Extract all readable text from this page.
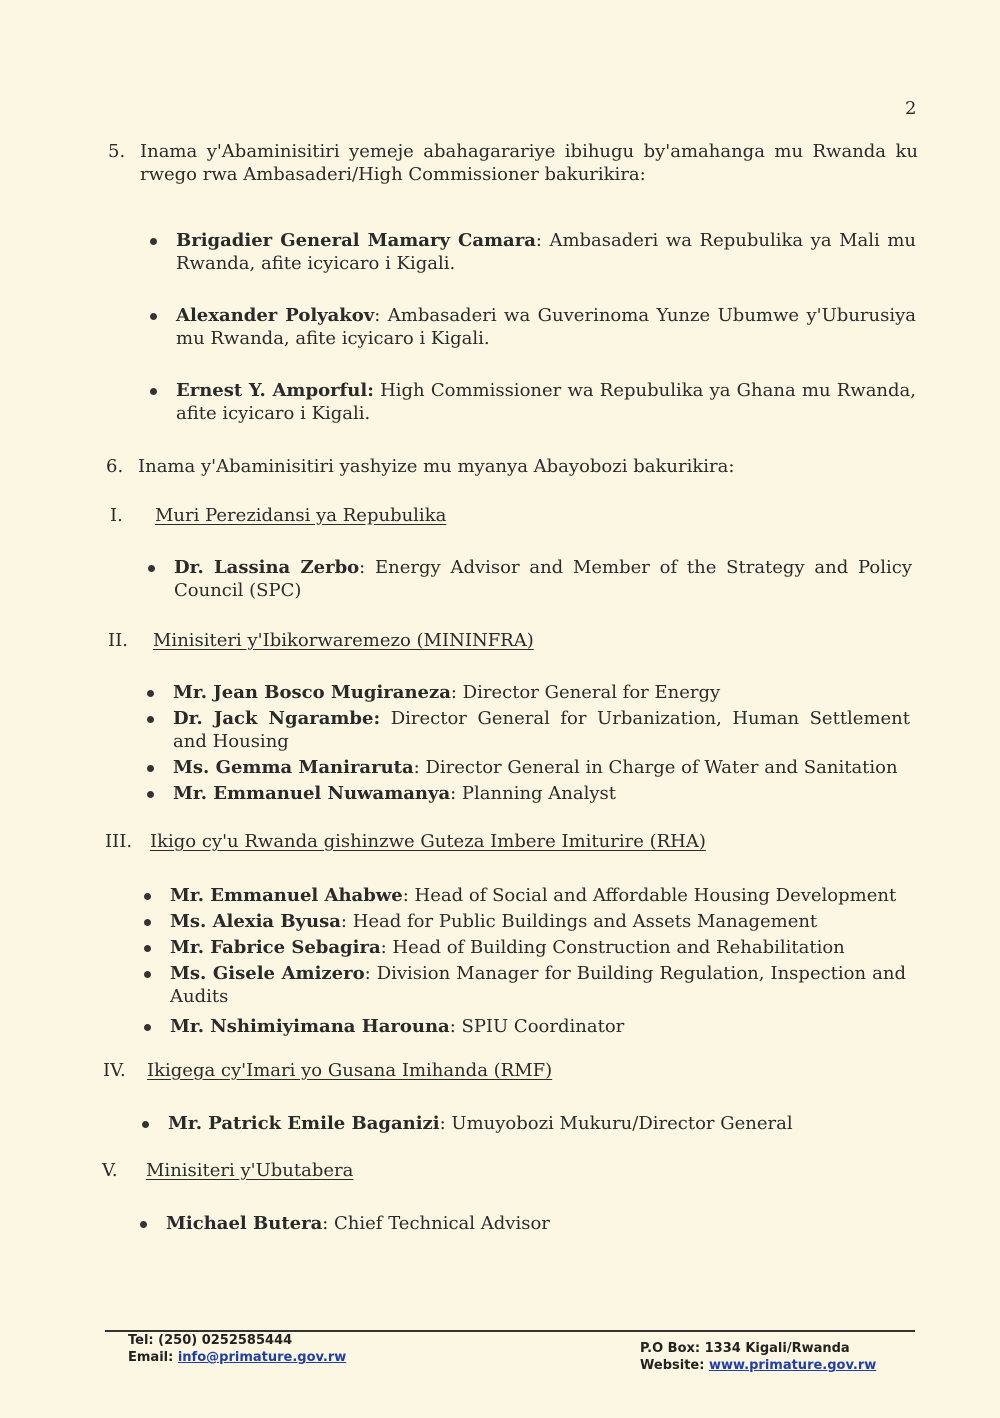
2
5. Inama y'Abaminisitiri yemeje abahagarariye ibihugu by'amahanga mu Rwanda ku rwego rwa Ambasaderi/High Commissioner bakurikira:
Brigadier General Mamary Camara: Ambasaderi wa Repubulika ya Mali mu Rwanda, afite icyicaro i Kigali.
Alexander Polyakov: Ambasaderi wa Guverinoma Yunze Ubumwe y'Uburusiya mu Rwanda, afite icyicaro i Kigali.
Ernest Y. Amporful: High Commissioner wa Repubulika ya Ghana mu Rwanda, afite icyicaro i Kigali.
6. Inama y'Abaminisitiri yashyize mu myanya Abayobozi bakurikira:
I. Muri Perezidansi ya Repubulika
Dr. Lassina Zerbo: Energy Advisor and Member of the Strategy and Policy Council (SPC)
II. Minisiteri y'Ibikorwaremezo (MININFRA)
Mr. Jean Bosco Mugiraneza: Director General for Energy
Dr. Jack Ngarambe: Director General for Urbanization, Human Settlement and Housing
Ms. Gemma Maniraruta: Director General in Charge of Water and Sanitation
Mr. Emmanuel Nuwamanya: Planning Analyst
III. Ikigo cy'u Rwanda gishinzwe Guteza Imbere Imiturire (RHA)
Mr. Emmanuel Ahabwe: Head of Social and Affordable Housing Development
Ms. Alexia Byusa: Head for Public Buildings and Assets Management
Mr. Fabrice Sebagira: Head of Building Construction and Rehabilitation
Ms. Gisele Amizero: Division Manager for Building Regulation, Inspection and Audits
Mr. Nshimiyimana Harouna: SPIU Coordinator
IV. Ikigega cy'Imari yo Gusana Imihanda (RMF)
Mr. Patrick Emile Baganizi: Umuyobozi Mukuru/Director General
V. Minisiteri y'Ubutabera
Michael Butera: Chief Technical Advisor
Tel: (250) 0252585444
Email: info@primature.gov.rw
P.O Box: 1334 Kigali/Rwanda
Website: www.primature.gov.rw
